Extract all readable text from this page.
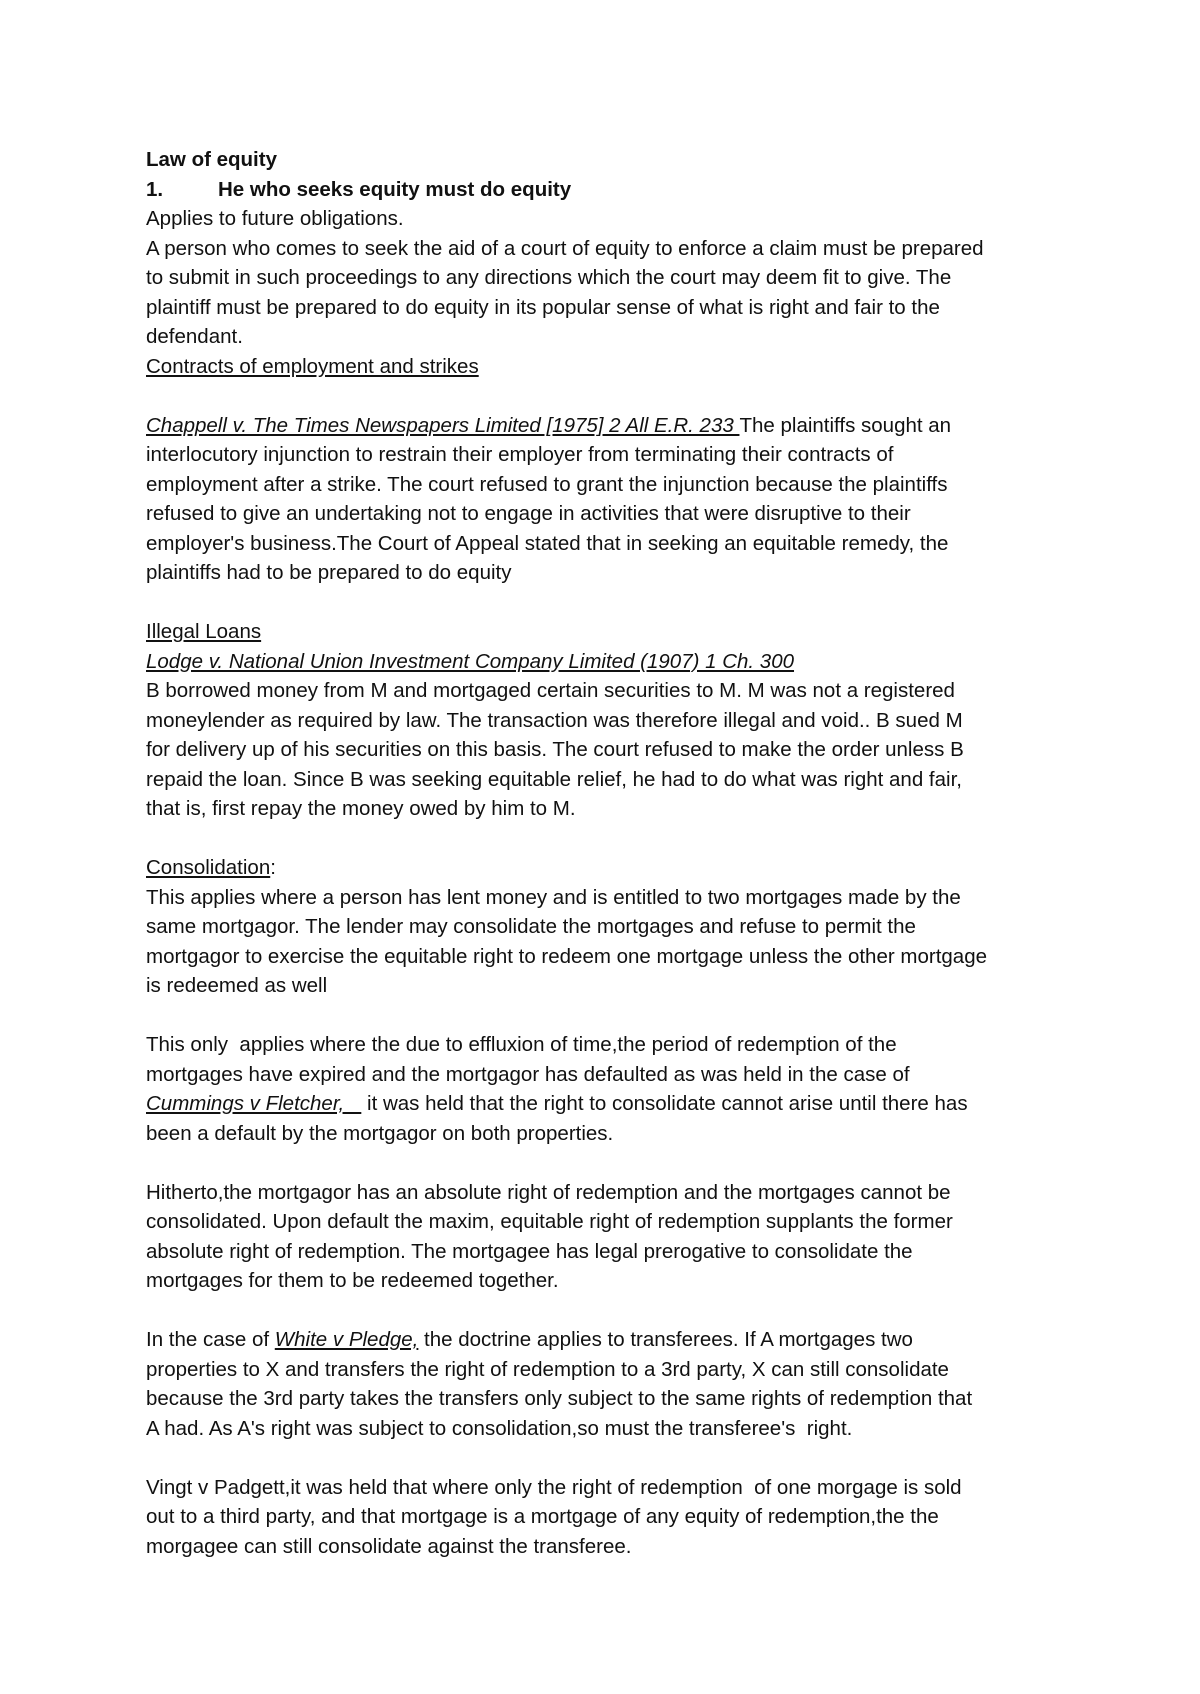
Law of equity
1.	He who seeks equity must do equity
Applies to future obligations.
A person who comes to seek the aid of a court of equity to enforce a claim must be prepared
to submit in such proceedings to any directions which the court may deem fit to give. The
plaintiff must be prepared to do equity in its popular sense of what is right and fair to the
defendant.
Contracts of employment and strikes
Chappell v. The Times Newspapers Limited [1975] 2 All E.R. 233 The plaintiffs sought an
interlocutory injunction to restrain their employer from terminating their contracts of
employment after a strike. The court refused to grant the injunction because the plaintiffs
refused to give an undertaking not to engage in activities that were disruptive to their
employer's business.The Court of Appeal stated that in seeking an equitable remedy, the
plaintiffs had to be prepared to do equity
Illegal Loans
Lodge v. National Union Investment Company Limited (1907) 1 Ch. 300
B borrowed money from M and mortgaged certain securities to M. M was not a registered
moneylender as required by law. The transaction was therefore illegal and void.. B sued M
for delivery up of his securities on this basis. The court refused to make the order unless B
repaid the loan. Since B was seeking equitable relief, he had to do what was right and fair,
that is, first repay the money owed by him to M.
Consolidation:
This applies where a person has lent money and is entitled to two mortgages made by the
same mortgagor. The lender may consolidate the mortgages and refuse to permit the
mortgagor to exercise the equitable right to redeem one mortgage unless the other mortgage
is redeemed as well
This only  applies where the due to effluxion of time,the period of redemption of the
mortgages have expired and the mortgagor has defaulted as was held in the case of
Cummings v Fletcher,    it was held that the right to consolidate cannot arise until there has
been a default by the mortgagor on both properties.
Hitherto,the mortgagor has an absolute right of redemption and the mortgages cannot be
consolidated. Upon default the maxim, equitable right of redemption supplants the former
absolute right of redemption. The mortgagee has legal prerogative to consolidate the
mortgages for them to be redeemed together.
In the case of White v Pledge, the doctrine applies to transferees. If A mortgages two
properties to X and transfers the right of redemption to a 3rd party, X can still consolidate
because the 3rd party takes the transfers only subject to the same rights of redemption that
A had. As A's right was subject to consolidation,so must the transferee's  right.
Vingt v Padgett,it was held that where only the right of redemption  of one morgage is sold
out to a third party, and that mortgage is a mortgage of any equity of redemption,the the
morgagee can still consolidate against the transferee.
